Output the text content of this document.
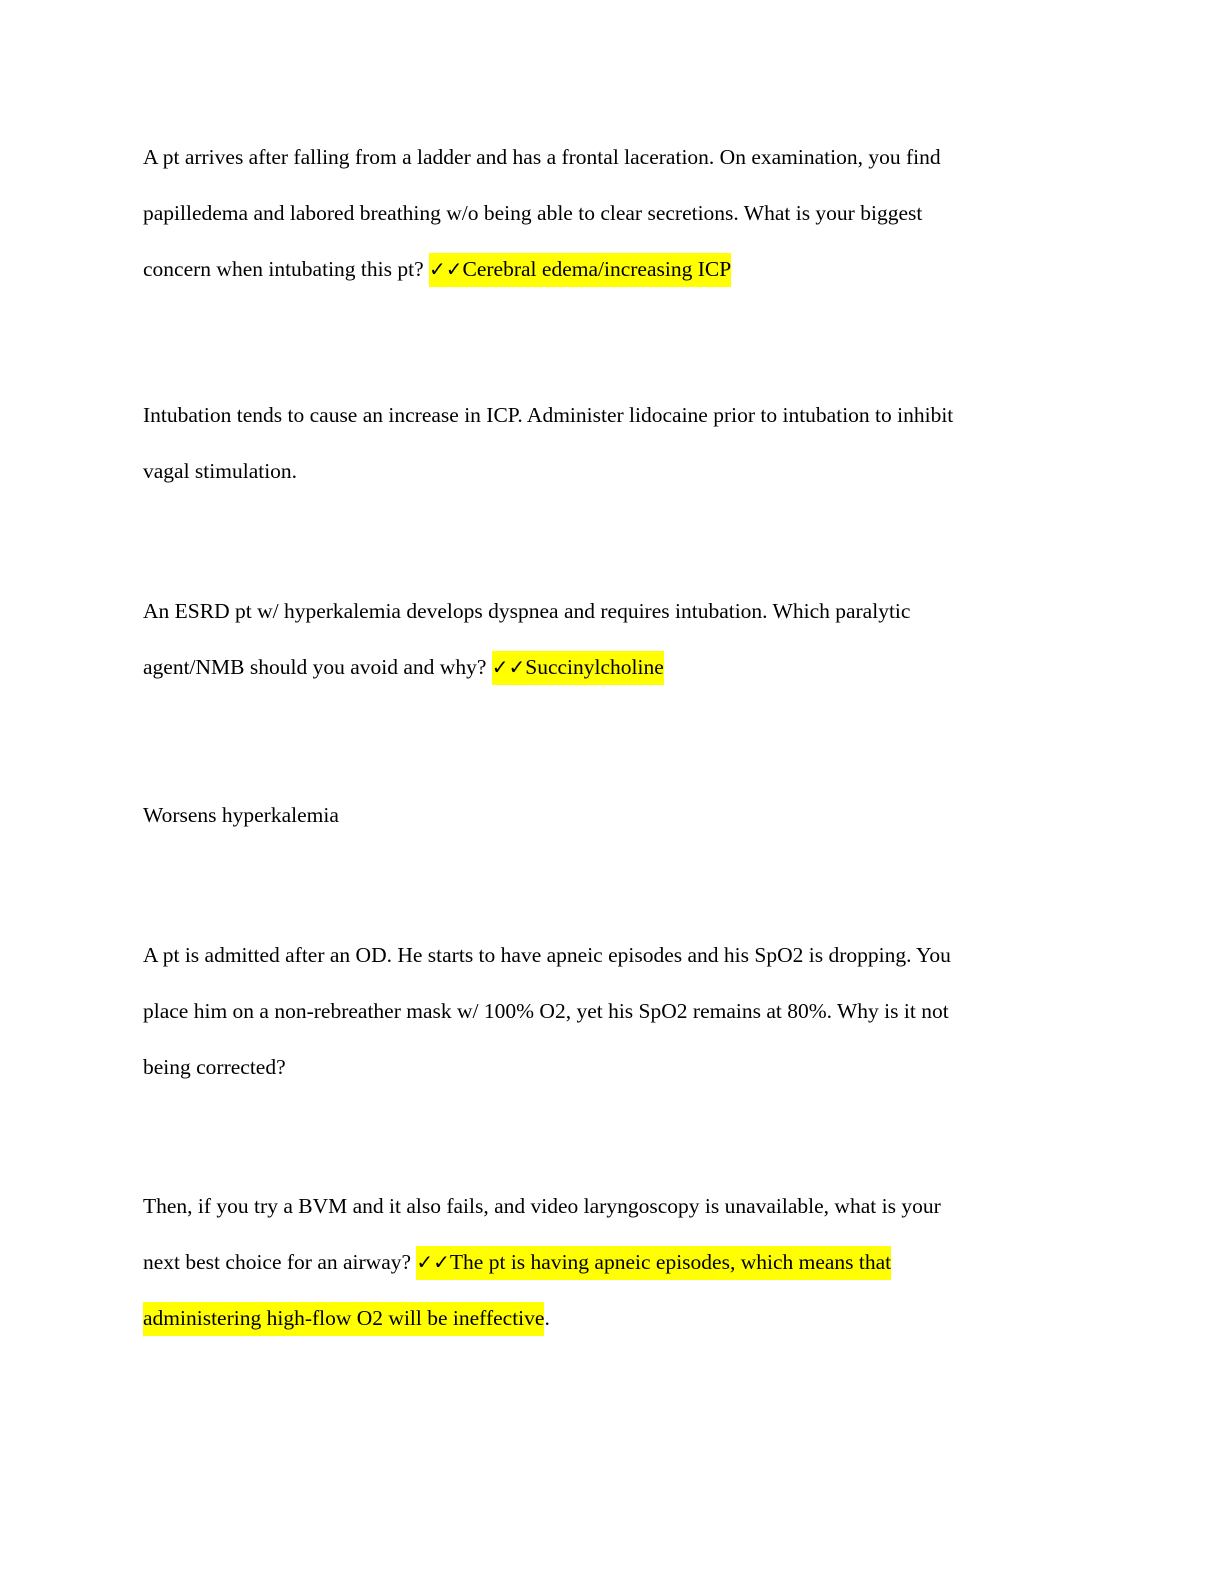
A pt arrives after falling from a ladder and has a frontal laceration. On examination, you find
papilledema and labored breathing w/o being able to clear secretions. What is your biggest
concern when intubating this pt? ✓✓Cerebral edema/increasing ICP
Intubation tends to cause an increase in ICP. Administer lidocaine prior to intubation to inhibit
vagal stimulation.
An ESRD pt w/ hyperkalemia develops dyspnea and requires intubation. Which paralytic
agent/NMB should you avoid and why? ✓✓Succinylcholine
Worsens hyperkalemia
A pt is admitted after an OD. He starts to have apneic episodes and his SpO2 is dropping. You
place him on a non-rebreather mask w/ 100% O2, yet his SpO2 remains at 80%. Why is it not
being corrected?
Then, if you try a BVM and it also fails, and video laryngoscopy is unavailable, what is your
next best choice for an airway? ✓✓The pt is having apneic episodes, which means that
administering high-flow O2 will be ineffective.
